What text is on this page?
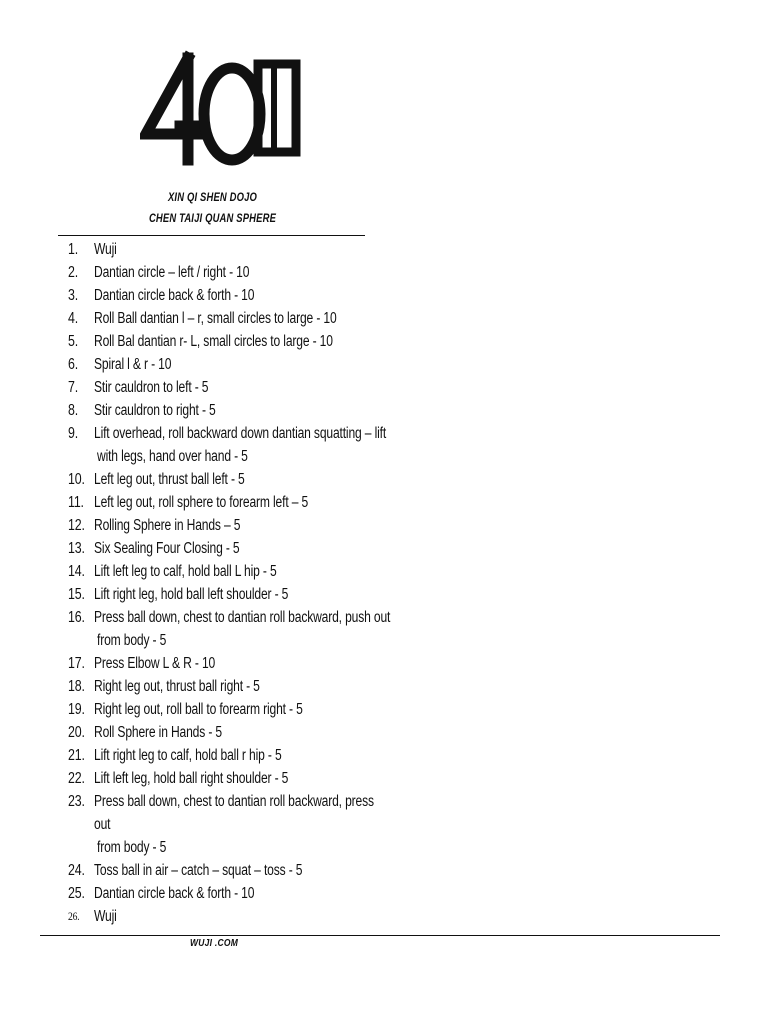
XIN QI SHEN DOJO
CHEN TAIJI QUAN SPHERE
1.	Wuji
2.	Dantian circle – left / right - 10
3.	Dantian circle back & forth - 10
4.	Roll Ball dantian l – r, small circles to large - 10
5.	Roll Bal dantian r- L, small circles to large - 10
6.	Spiral l & r - 10
7.	Stir cauldron to left - 5
8.	Stir cauldron to right - 5
9.	Lift overhead, roll backward down dantian squatting – lift
with legs, hand over hand - 5
10. Left leg out, thrust ball left - 5
11. Left leg out, roll sphere to forearm left – 5
12. Rolling Sphere in Hands – 5
13. Six Sealing Four Closing - 5
14. Lift left leg to calf, hold ball L hip - 5
15. Lift right leg, hold ball left shoulder - 5
16. Press ball down, chest to dantian roll backward, push out
from body - 5
17. Press Elbow L & R - 10
18. Right leg out, thrust ball right - 5
19. Right leg out, roll ball to forearm right - 5
20. Roll Sphere in Hands - 5
21. Lift right leg to calf, hold ball r hip - 5
22. Lift left leg, hold ball right shoulder - 5
23. Press ball down, chest to dantian roll backward, press out
from body - 5
24. Toss ball in air – catch – squat – toss - 5
25. Dantian circle back & forth - 10
26. Wuji
WUJI .COM
